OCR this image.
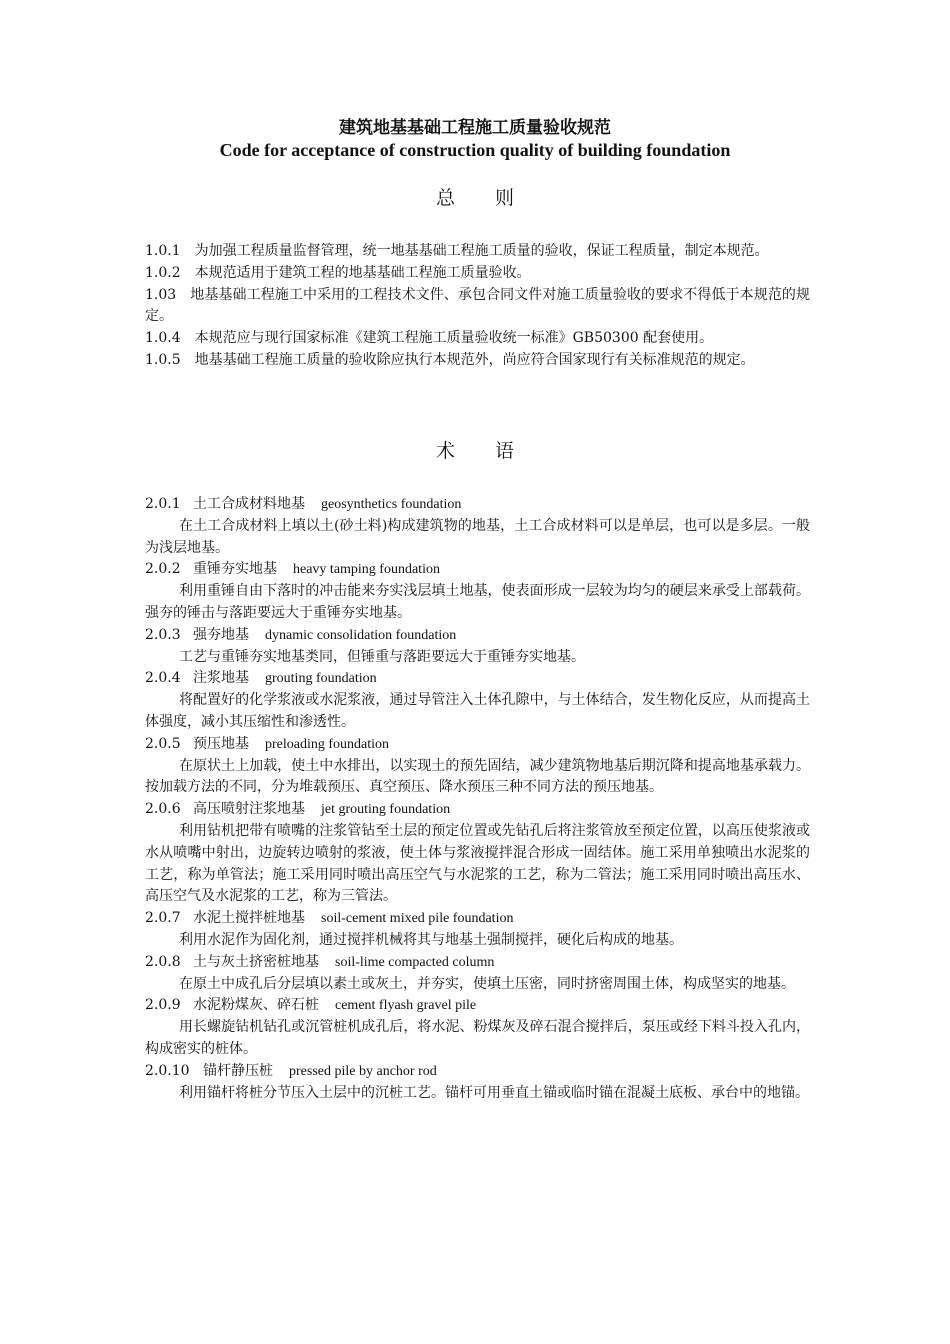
建筑地基基础工程施工质量验收规范
Code for acceptance of construction quality of building foundation
总则

1.0.1 为加强工程质量监督管理，统一地基基础工程施工质量的验收，保证工程质量，制定本规范。

1.0.2 本规范适用于建筑工程的地基基础工程施工质量验收。

1.03 地基基础工程施工中采用的工程技术文件、承包合同文件对施工质量验收的要求不得低于本规范的规定。

1.0.4 本规范应与现行国家标准《建筑工程施工质量验收统一标准》GB50300 配套使用。

1.0.5 地基基础工程施工质量的验收除应执行本规范外，尚应符合国家现行有关标准规范的规定。

术语

2.0.1 土工合成材料地基 geosynthetics foundation

在土工合成材料上填以土(砂土料)构成建筑物的地基，土工合成材料可以是单层，也可以是多层。一般为浅层地基。

2.0.2 重锤夯实地基 heavy tamping foundation

利用重锤自由下落时的冲击能来夯实浅层填土地基，使表面形成一层较为均匀的硬层来承受上部载荷。强夯的锤击与落距要远大于重锤夯实地基。

2.0.3 强夯地基 dynamic consolidation foundation

工艺与重锤夯实地基类同，但锤重与落距要远大于重锤夯实地基。

2.0.4 注浆地基 grouting foundation

将配置好的化学浆液或水泥浆液，通过导管注入土体孔隙中，与土体结合，发生物化反应，从而提高土体强度，减小其压缩性和渗透性。

2.0.5 预压地基 preloading foundation

在原状土上加载，使土中水排出，以实现土的预先固结，减少建筑物地基后期沉降和提高地基承载力。按加载方法的不同，分为堆载预压、真空预压、降水预压三种不同方法的预压地基。

2.0.6 高压喷射注浆地基 jet grouting foundation

利用钻机把带有喷嘴的注浆管钻至土层的预定位置或先钻孔后将注浆管放至预定位置，以高压使浆液或水从喷嘴中射出，边旋转边喷射的浆液，使土体与浆液搅拌混合形成一固结体。施工采用单独喷出水泥浆的工艺，称为单管法；施工采用同时喷出高压空气与水泥浆的工艺，称为二管法；施工采用同时喷出高压水、高压空气及水泥浆的工艺，称为三管法。

2.0.7 水泥土搅拌桩地基 soil-cement mixed pile foundation

利用水泥作为固化剂，通过搅拌机械将其与地基土强制搅拌，硬化后构成的地基。

2.0.8 土与灰土挤密桩地基 soil-lime compacted column

在原土中成孔后分层填以素土或灰土，并夯实，使填土压密，同时挤密周围土体，构成坚实的地基。

2.0.9 水泥粉煤灰、碎石桩 cement flyash gravel pile

用长螺旋钻机钻孔或沉管桩机成孔后，将水泥、粉煤灰及碎石混合搅拌后，泵压或经下料斗投入孔内，构成密实的桩体。

2.0.10 锚杆静压桩 pressed pile by anchor rod

利用锚杆将桩分节压入土层中的沉桩工艺。锚杆可用垂直土锚或临时锚在混凝土底板、承台中的地锚。
